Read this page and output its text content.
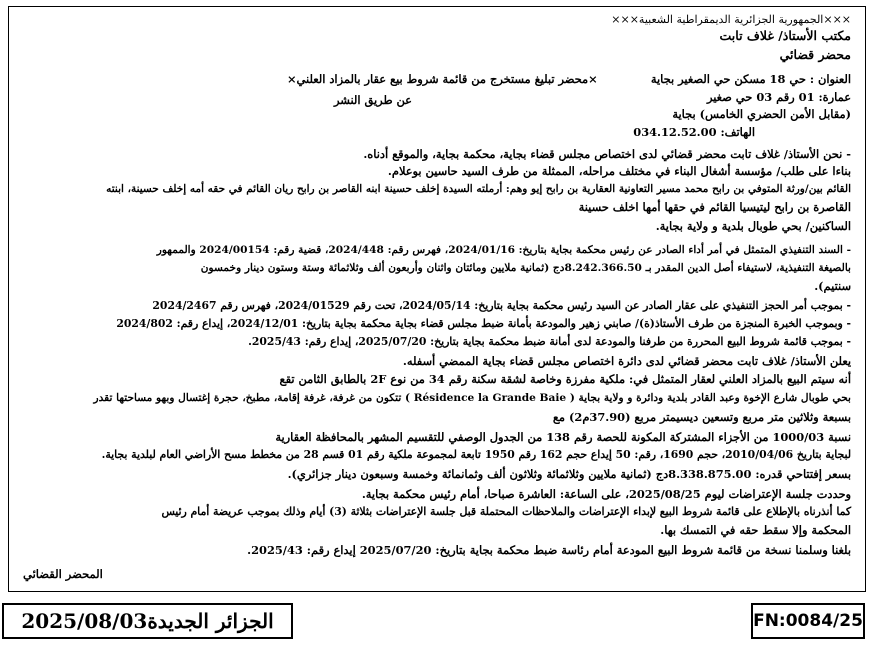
×××الجمهورية الجزائرية الديمقراطية الشعبية×××
مكتب الأستاذ/ غلاف تابت
محضر قضائي
العنوان : حي 18 مسكن حي الصغير بجاية
×محضر تبليغ مستخرج من قائمة شروط بيع عقار بالمزاد العلني×
عمارة: 01 رقم 03 حي صغير
عن طريق النشر
(مقابل الأمن الحضري الخامس) بجاية
الهاتف: 034.12.52.00
- نحن الأستاذ/ غلاف تابت محضر قضائي لدى اختصاص مجلس قضاء بجاية، محكمة بجاية، والموقع أدناه.
بناءا على طلب/ مؤسسة أشغال البناء في مختلف مراحله، الممثلة من طرف السيد حاسين بوعلام.
القائم بين/ورثة المتوفي بن رابح محمد مسير التعاونية العقارية بن رابح إيو وهم: أرملته السيدة إخلف حسينة ابنه القاصر بن رابح ريان القائم في حقه أمه إخلف حسينة، ابنته
القاصرة بن رابح ليتيسيا القائم في حقها أمها اخلف حسينة
الساكنين/ بحي طوبال بلدية و ولاية بجاية.
- السند التنفيذي المتمثل في أمر أداء الصادر عن رئيس محكمة بجاية بتاريخ: 2024/01/16، فهرس رقم: 2024/448، قضية رقم: 2024/00154 والممهور
بالصيغة التنفيذية، لاستيفاء أصل الدين المقدر بـ 8.242.366.50دج (ثمانية ملايين ومائتان واثنان وأربعون ألف وثلاثمائة وستة وستون دينار وخمسون
سنتيم).
- بموجب أمر الحجز التنفيذي على عقار الصادر عن السيد رئيس محكمة بجاية بتاريخ: 2024/05/14، تحت رقم 2024/01529، فهرس رقم 2024/2467
- وبموجب الخبرة المنجزة من طرف الأستاذ(ة)/ صابني زهير والمودعة بأمانة ضبط مجلس قضاء بجاية محكمة بجاية بتاريخ: 2024/12/01، إيداع رقم: 2024/802
- بموجب قائمة شروط البيع المحررة من طرفنا والمودعة لدى أمانة ضبط محكمة بجاية بتاريخ: 2025/07/20، إيداع رقم: 2025/43.
يعلن الأستاذ/ غلاف تابت محضر قضائي لدى دائرة اختصاص مجلس قضاء بجاية الممضي أسفله.
أنه سيتم البيع بالمزاد العلني لعقار المتمثل في: ملكية مفرزة وخاصة لشقة سكنة رقم 34 من نوع 2F بالطابق الثامن تقع
بحي طوبال شارع الإخوة وعبد القادر بلدية ودائرة و ولاية بجاية ( Résidence la Grande Baie ) تتكون من غرفة، غرفة إقامة، مطبخ، حجرة إغتسال وبهو مساحتها تقدر
بسبعة وثلاثين متر مربع وتسعين ديسيمتر مربع (37.90م2) مع
نسبة 1000/03 من الأجزاء المشتركة المكونة للحصة رقم 138 من الجدول الوصفي للتقسيم المشهر بالمحافظة العقارية
لبجاية بتاريخ 2010/04/06، حجم 1690، رقم: 50 إيداع حجم 162 رقم 1950 تابعة لمجموعة ملكية رقم 01 قسم 28 من مخطط مسح الأراضي العام لبلدية بجاية.
بسعر إفتتاحي قدره: 8.338.875.00دج (ثمانية ملايين وثلاثمائة وثلاثون ألف وثمانمائة وخمسة وسبعون دينار جزائري).
وحددت جلسة الإعتراضات ليوم 2025/08/25، على الساعة: العاشرة صباحا، أمام رئيس محكمة بجاية.
كما أنذرناه بالإطلاع على قائمة شروط البيع لإبداء الإعتراضات والملاحظات المحتملة قبل جلسة الإعتراضات بثلاثة (3) أيام وذلك بموجب عريضة أمام رئيس
المحكمة وإلا سقط حقه في التمسك بها.
بلغنا وسلمنا نسخة من قائمة شروط البيع المودعة أمام رئاسة ضبط محكمة بجاية بتاريخ: 2025/07/20 إيداع رقم: 2025/43.
المحضر القضائي
الجزائر الجديدة2025/08/03	FN:0084/25
